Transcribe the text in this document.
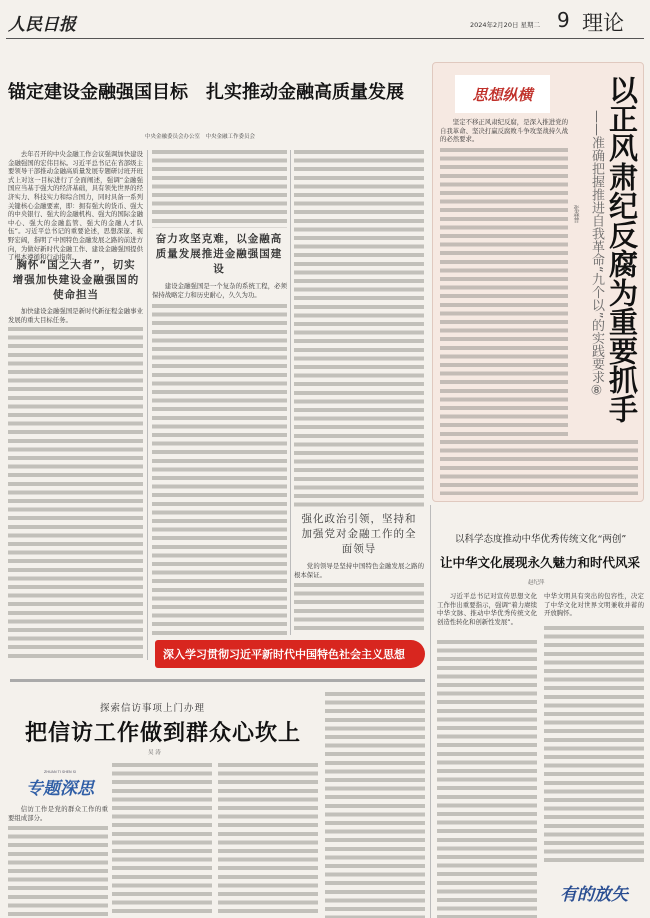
人民日报	2024年2月20日 星期二 9 理论
锚定建设金融强国目标　扎实推动金融高质量发展
中央金融委员会办公室　中央金融工作委员会
去年召开的中央金融工作会议强调加快建设金融强国的宏伟目标。习近平总书记在省部级主要领导干部推动金融高质量发展专题研讨班开班式上对这一目标进行了全面阐述，强调“金融强国应当基于强大的经济基础，具有领先世界的经济实力、科技实力和综合国力，同时具备一系列关键核心金融要素，即：拥有强大的货币、强大的中央银行、强大的金融机构、强大的国际金融中心、强大的金融监管、强大的金融人才队伍”。习近平总书记的重要论述，思想深邃、视野宏阔，指明了中国特色金融发展之路的前进方向，为做好新时代金融工作、建设金融强国提供了根本遵循和行动指南。
胸怀“国之大者”，切实增强加快建设金融强国的使命担当
加快建设金融强国是新时代新征程金融事业发展的重大目标任务。
奋力攻坚克难，以金融高质量发展推进金融强国建设
建设金融强国是一个复杂的系统工程，必须保持战略定力和历史耐心，久久为功。
强化政治引领，坚持和加强党对金融工作的全面领导
党的领导是坚持中国特色金融发展之路的根本保证。
深入学习贯彻习近平新时代中国特色社会主义思想
思想纵横	以正风肃纪反腐为重要抓手
——准确把握推进自我革命“九个以”的实践要求⑧
张森普
坚定不移正风肃纪反腐，是深入推进党的自我革命、坚决打赢反腐败斗争攻坚战持久战的必然要求。
以科学态度推动中华优秀传统文化“两创”
让中华文化展现永久魅力和时代风采
赵纪萍
习近平总书记对宣传思想文化工作作出重要指示，强调“着力赓续中华文脉、推动中华优秀传统文化创造性转化和创新性发展”。
中华文明具有突出的包容性，决定了中华文化对世界文明兼收并蓄的开放胸怀。
有的放矢
探索信访事项上门办理
把信访工作做到群众心坎上
吴 涛
ZHUAN TI SHEN SI
专题深思
信访工作是党的群众工作的重要组成部分。
